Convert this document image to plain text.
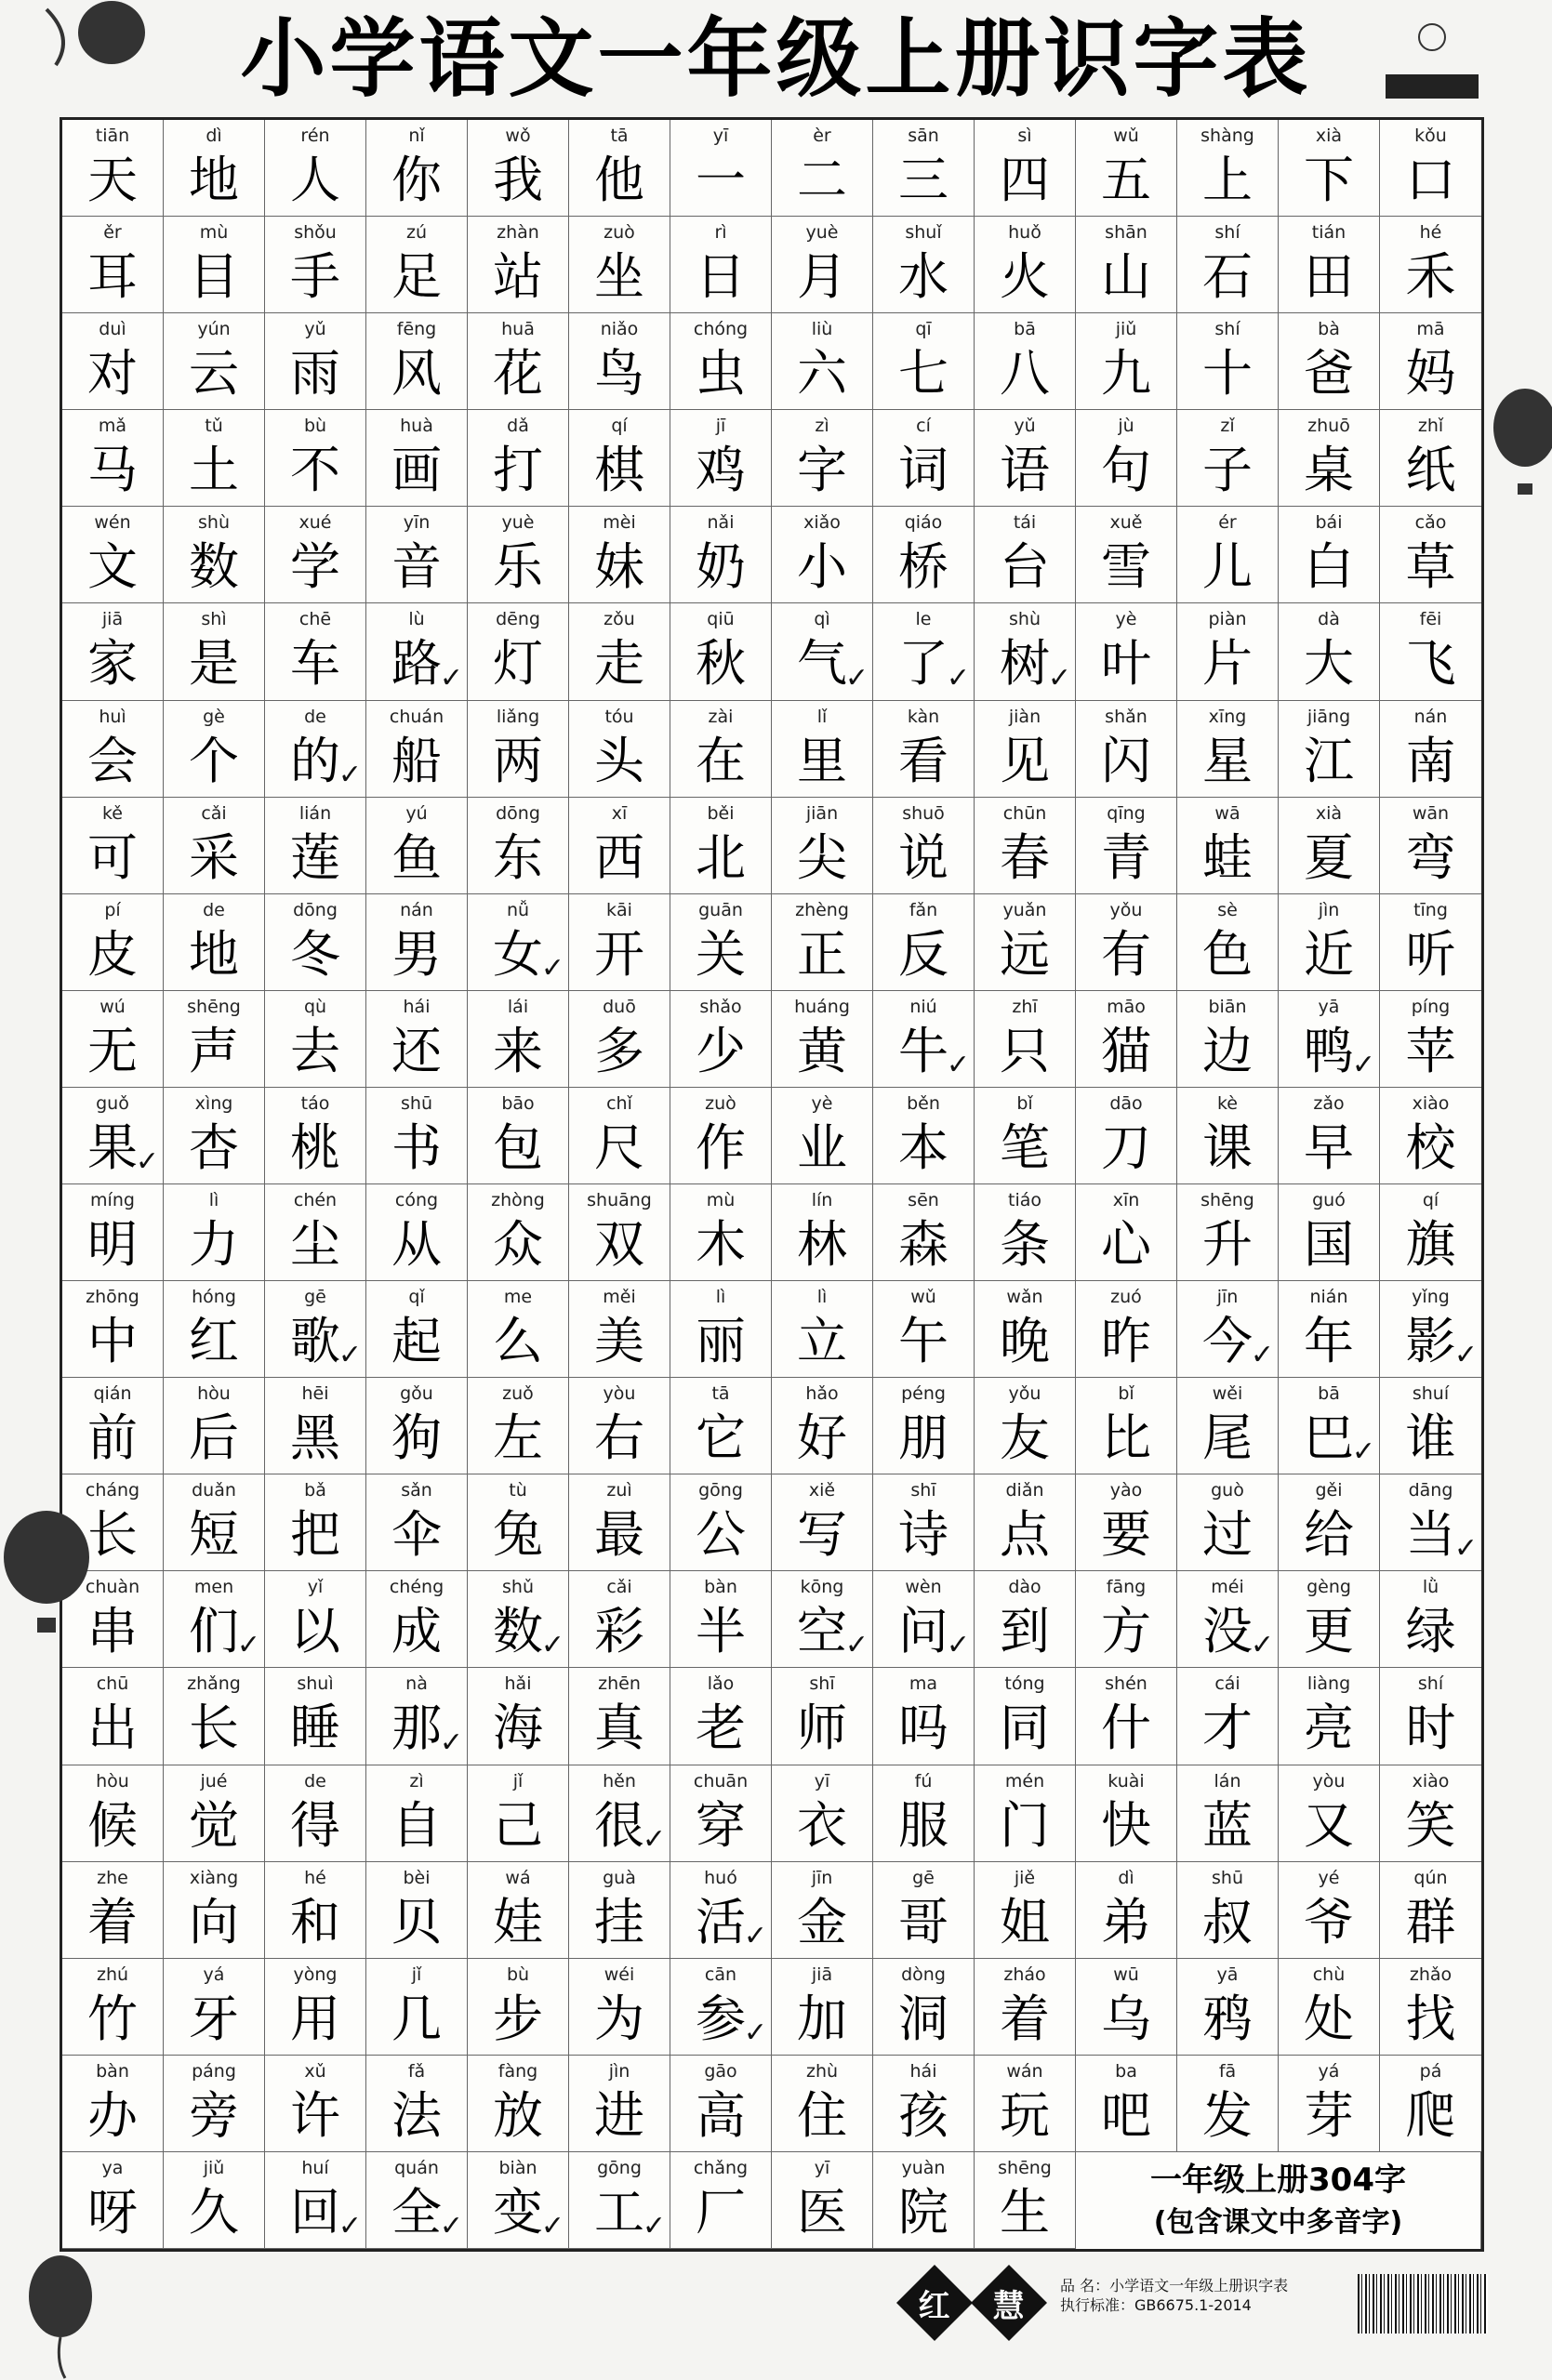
小学语文一年级上册识字表
tiān
天
dì
地
rén
人
nǐ
你
wǒ
我
tā
他
yī
一
èr
二
sān
三
sì
四
wǔ
五
shàng
上
xià
下
kǒu
口
ěr
耳
mù
目
shǒu
手
zú
足
zhàn
站
zuò
坐
rì
日
yuè
月
shuǐ
水
huǒ
火
shān
山
shí
石
tián
田
hé
禾
duì
对
yún
云
yǔ
雨
fēng
风
huā
花
niǎo
鸟
chóng
虫
liù
六
qī
七
bā
八
jiǔ
九
shí
十
bà
爸
mā
妈
mǎ
马
tǔ
土
bù
不
huà
画
dǎ
打
qí
棋
jī
鸡
zì
字
cí
词
yǔ
语
jù
句
zǐ
子
zhuō
桌
zhǐ
纸
wén
文
shù
数
xué
学
yīn
音
yuè
乐
mèi
妹
nǎi
奶
xiǎo
小
qiáo
桥
tái
台
xuě
雪
ér
儿
bái
白
cǎo
草
jiā
家
shì
是
chē
车
lù
路
✓
dēng
灯
zǒu
走
qiū
秋
qì
气
✓
le
了
✓
shù
树
✓
yè
叶
piàn
片
dà
大
fēi
飞
huì
会
gè
个
de
的
✓
chuán
船
liǎng
两
tóu
头
zài
在
lǐ
里
kàn
看
jiàn
见
shǎn
闪
xīng
星
jiāng
江
nán
南
kě
可
cǎi
采
lián
莲
yú
鱼
dōng
东
xī
西
běi
北
jiān
尖
shuō
说
chūn
春
qīng
青
wā
蛙
xià
夏
wān
弯
pí
皮
de
地
dōng
冬
nán
男
nǚ
女
✓
kāi
开
guān
关
zhèng
正
fǎn
反
yuǎn
远
yǒu
有
sè
色
jìn
近
tīng
听
wú
无
shēng
声
qù
去
hái
还
lái
来
duō
多
shǎo
少
huáng
黄
niú
牛
✓
zhī
只
māo
猫
biān
边
yā
鸭
✓
píng
苹
guǒ
果
✓
xìng
杏
táo
桃
shū
书
bāo
包
chǐ
尺
zuò
作
yè
业
běn
本
bǐ
笔
dāo
刀
kè
课
zǎo
早
xiào
校
míng
明
lì
力
chén
尘
cóng
从
zhòng
众
shuāng
双
mù
木
lín
林
sēn
森
tiáo
条
xīn
心
shēng
升
guó
国
qí
旗
zhōng
中
hóng
红
gē
歌
✓
qǐ
起
me
么
měi
美
lì
丽
lì
立
wǔ
午
wǎn
晚
zuó
昨
jīn
今
✓
nián
年
yǐng
影
✓
qián
前
hòu
后
hēi
黑
gǒu
狗
zuǒ
左
yòu
右
tā
它
hǎo
好
péng
朋
yǒu
友
bǐ
比
wěi
尾
bā
巴
✓
shuí
谁
cháng
长
duǎn
短
bǎ
把
sǎn
伞
tù
兔
zuì
最
gōng
公
xiě
写
shī
诗
diǎn
点
yào
要
guò
过
gěi
给
dāng
当
✓
chuàn
串
men
们
✓
yǐ
以
chéng
成
shǔ
数
✓
cǎi
彩
bàn
半
kōng
空
✓
wèn
问
✓
dào
到
fāng
方
méi
没
✓
gèng
更
lǜ
绿
chū
出
zhǎng
长
shuì
睡
nà
那
✓
hǎi
海
zhēn
真
lǎo
老
shī
师
ma
吗
tóng
同
shén
什
cái
才
liàng
亮
shí
时
hòu
候
jué
觉
de
得
zì
自
jǐ
己
hěn
很
✓
chuān
穿
yī
衣
fú
服
mén
门
kuài
快
lán
蓝
yòu
又
xiào
笑
zhe
着
xiàng
向
hé
和
bèi
贝
wá
娃
guà
挂
huó
活
✓
jīn
金
gē
哥
jiě
姐
dì
弟
shū
叔
yé
爷
qún
群
zhú
竹
yá
牙
yòng
用
jǐ
几
bù
步
wéi
为
cān
参
✓
jiā
加
dòng
洞
zháo
着
wū
乌
yā
鸦
chù
处
zhǎo
找
bàn
办
páng
旁
xǔ
许
fǎ
法
fàng
放
jìn
进
gāo
高
zhù
住
hái
孩
wán
玩
ba
吧
fā
发
yá
芽
pá
爬
ya
呀
jiǔ
久
huí
回
✓
quán
全
✓
biàn
变
✓
gōng
工
✓
chǎng
厂
yī
医
yuàn
院
shēng
生
一年级上册304字
(包含课文中多音字)
红 慧
品 名：小学语文一年级上册识字表
执行标准：GB6675.1-2014
